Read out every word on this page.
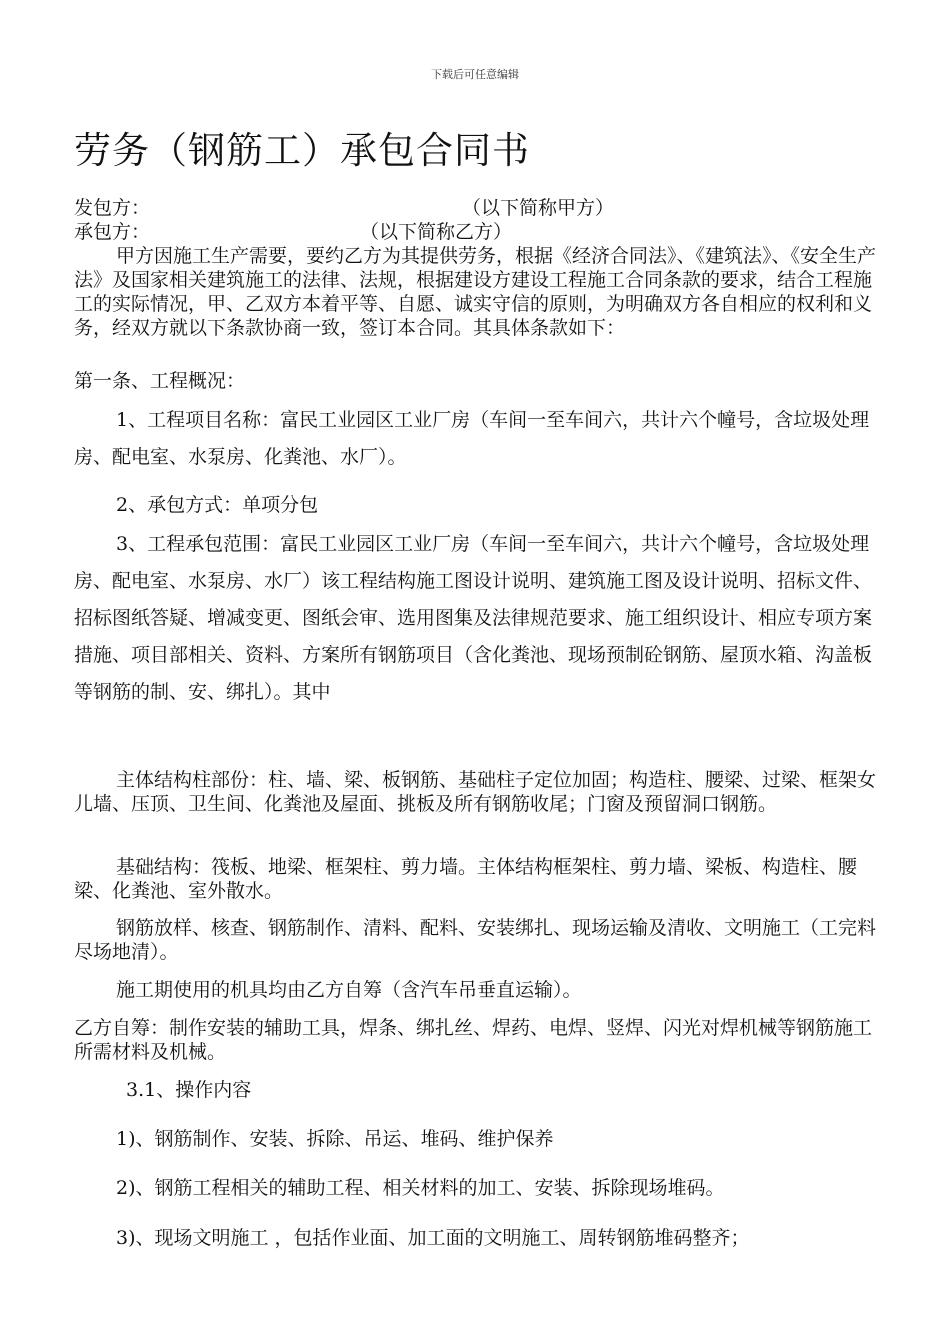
下载后可任意编辑
劳务（钢筋工）承包合同书
发包方：	（以下简称甲方）
承包方：	（以下简称乙方）

甲方因施工生产需要，要约乙方为其提供劳务，根据《经济合同法》、《建筑法》、《安全生产法》及国家相关建筑施工的法律、法规，根据建设方建设工程施工合同条款的要求，结合工程施工的实际情况，甲、乙双方本着平等、自愿、诚实守信的原则，为明确双方各自相应的权利和义务，经双方就以下条款协商一致，签订本合同。其具体条款如下：

第一条、工程概况：

1、工程项目名称：富民工业园区工业厂房（车间一至车间六，共计六个幢号，含垃圾处理房、配电室、水泵房、化粪池、水厂）。

2、承包方式：单项分包

3、工程承包范围：富民工业园区工业厂房（车间一至车间六，共计六个幢号，含垃圾处理房、配电室、水泵房、水厂）该工程结构施工图设计说明、建筑施工图及设计说明、招标文件、招标图纸答疑、增减变更、图纸会审、选用图集及法律规范要求、施工组织设计、相应专项方案措施、项目部相关、资料、方案所有钢筋项目（含化粪池、现场预制砼钢筋、屋顶水箱、沟盖板等钢筋的制、安、绑扎）。其中

主体结构柱部份：柱、墙、梁、板钢筋、基础柱子定位加固；构造柱、腰梁、过梁、框架女儿墙、压顶、卫生间、化粪池及屋面、挑板及所有钢筋收尾；门窗及预留洞口钢筋。

基础结构：筏板、地梁、框架柱、剪力墙。主体结构框架柱、剪力墙、梁板、构造柱、腰梁、化粪池、室外散水。

钢筋放样、核查、钢筋制作、清料、配料、安装绑扎、现场运输及清收、文明施工（工完料尽场地清）。

施工期使用的机具均由乙方自筹（含汽车吊垂直运输）。

乙方自筹：制作安装的辅助工具，焊条、绑扎丝、焊药、电焊、竖焊、闪光对焊机械等钢筋施工所需材料及机械。

3.1、操作内容

1)、钢筋制作、安装、拆除、吊运、堆码、维护保养

2)、钢筋工程相关的辅助工程、相关材料的加工、安装、拆除现场堆码。

3)、现场文明施工 ，包括作业面、加工面的文明施工、周转钢筋堆码整齐；
